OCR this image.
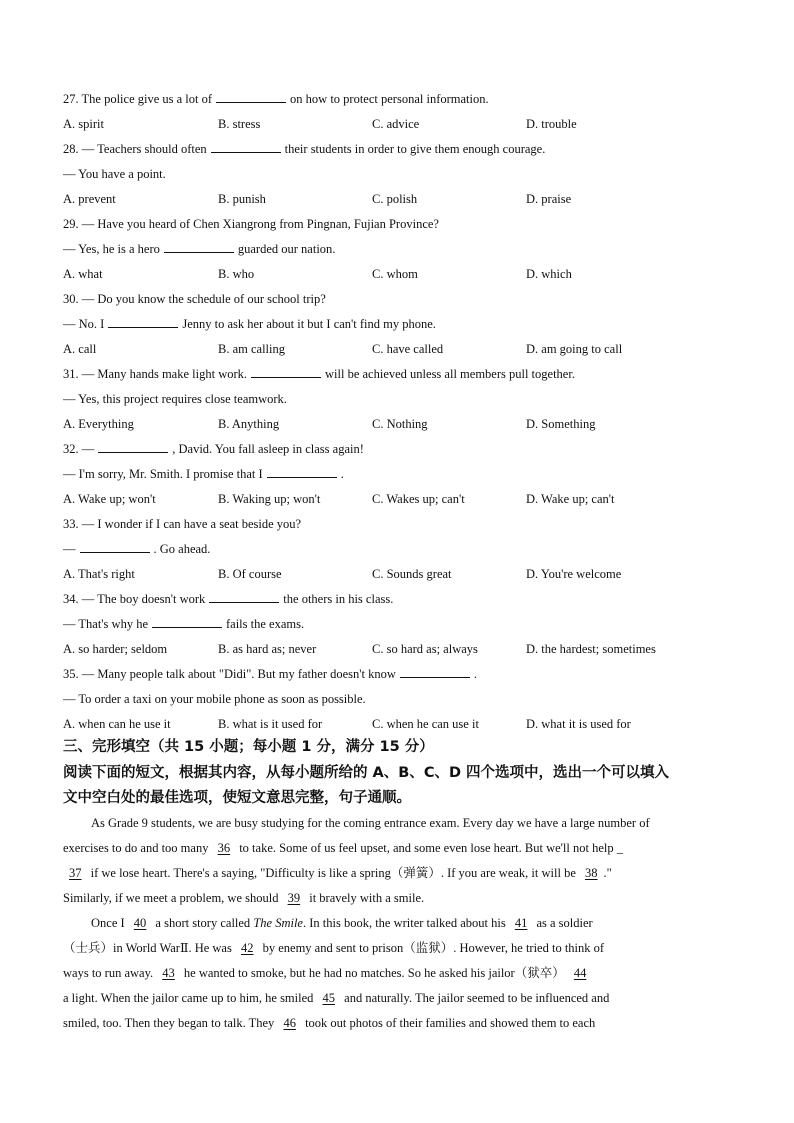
27. The police give us a lot of	on how to protect personal information.
A. spirit	B. stress	C. advice	D. trouble
28. — Teachers should often	their students in order to give them enough courage.
— You have a point.
A. prevent	B. punish	C. polish	D. praise
29. — Have you heard of Chen Xiangrong from Pingnan, Fujian Province?
— Yes, he is a hero	guarded our nation.
A. what	B. who	C. whom	D. which
30. — Do you know the schedule of our school trip?
— No. I	Jenny to ask her about it but I can't find my phone.
A. call	B. am calling	C. have called	D. am going to call
31. — Many hands make light work.	will be achieved unless all members pull together.
— Yes, this project requires close teamwork.
A. Everything	B. Anything	C. Nothing	D. Something
32. —	, David. You fall asleep in class again!
— I'm sorry, Mr. Smith. I promise that I	.
A. Wake up; won't	B. Waking up; won't	C. Wakes up; can't	D. Wake up; can't
33. — I wonder if I can have a seat beside you?
—	. Go ahead.
A. That's right	B. Of course	C. Sounds great	D. You're welcome
34. — The boy doesn't work	the others in his class.
— That's why he	fails the exams.
A. so harder; seldom	B. as hard as; never	C. so hard as; always	D. the hardest; sometimes
35. — Many people talk about "Didi". But my father doesn't know	.
— To order a taxi on your mobile phone as soon as possible.
A. when can he use it	B. what is it used for	C. when he can use it	D. what it is used for
三、完形填空（共 15 小题；每小题 1 分，满分 15 分）
阅读下面的短文，根据其内容，从每小题所给的 A、B、C、D 四个选项中，选出一个可以填入
文中空白处的最佳选项，使短文意思完整，句子通顺。
As Grade 9 students, we are busy studying for the coming entrance exam. Every day we have a large number of
exercises to do and too many 36 to take. Some of us feel upset, and some even lose heart. But we'll not help _
37 if we lose heart. There's a saying, "Difficulty is like a spring（弹簧）. If you are weak, it will be 38 ."
Similarly, if we meet a problem, we should 39 it bravely with a smile.
Once I 40 a short story called The Smile. In this book, the writer talked about his 41 as a soldier
（士兵）in World WarⅡ. He was 42 by enemy and sent to prison（监狱）. However, he tried to think of
ways to run away. 43 he wanted to smoke, but he had no matches. So he asked his jailor（狱卒） 44
a light. When the jailor came up to him, he smiled 45 and naturally. The jailor seemed to be influenced and
smiled, too. Then they began to talk. They 46 took out photos of their families and showed them to each
